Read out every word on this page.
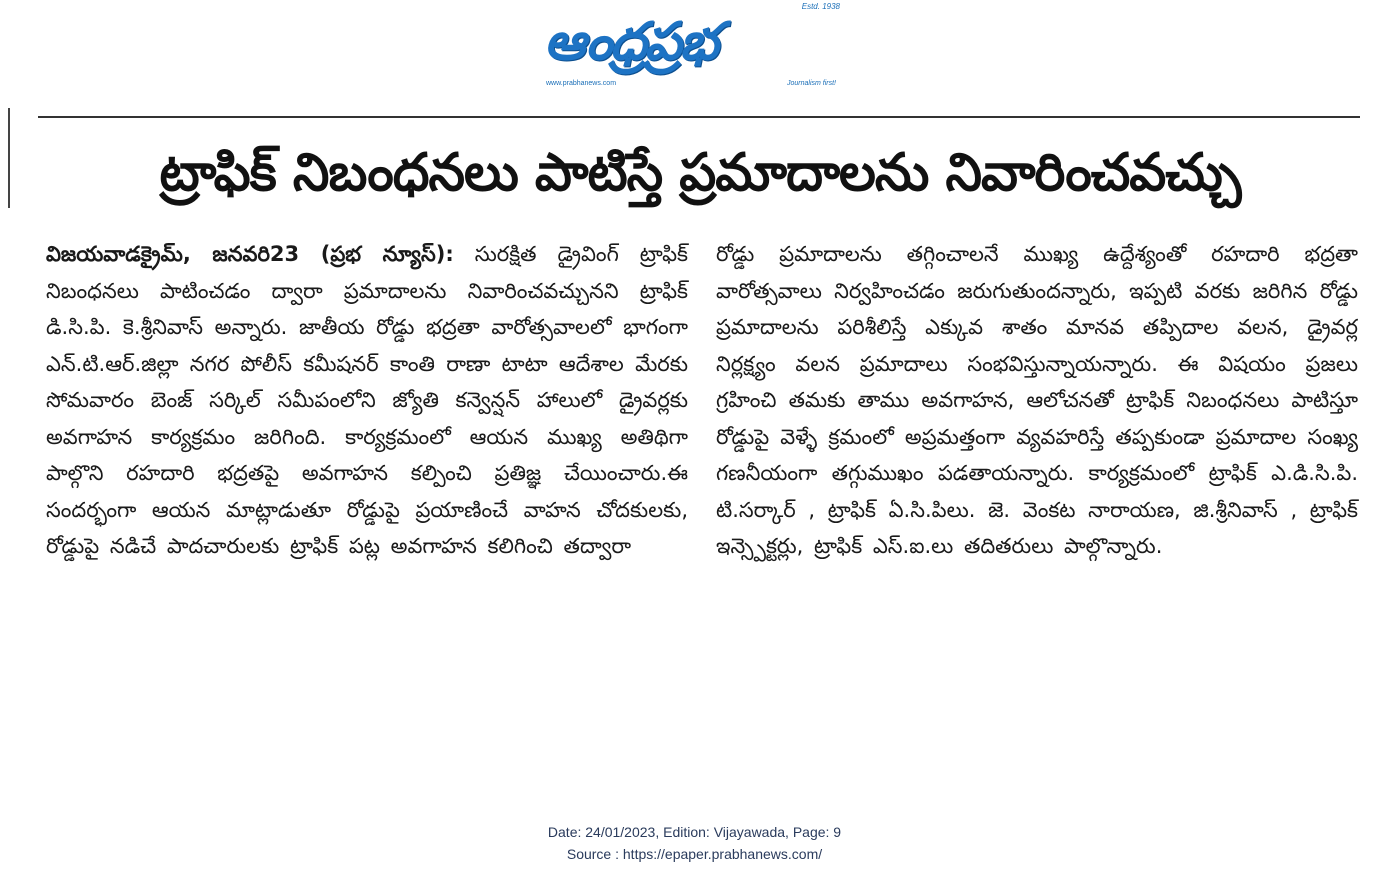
Estd. 1938
ఆంధ్రప్రభ
www.prabhanews.com	Journalism first!
ట్రాఫిక్ నిబంధనలు పాటిస్తే ప్రమాదాలను నివారించవచ్చు
విజయవాడక్రైమ్, జనవరి23 (ప్రభ న్యూస్): సురక్షిత డ్రైవింగ్ ట్రాఫిక్ నిబంధనలు పాటించడం ద్వారా ప్రమాదాలను నివారించవచ్చునని ట్రాఫిక్ డి.సి.పి. కె.శ్రీనివాస్ అన్నారు. జాతీయ రోడ్డు భద్రతా వారోత్సవాలలో భాగంగా ఎన్.టి.ఆర్.జిల్లా నగర పోలీస్ కమీషనర్ కాంతి రాణా టాటా ఆదేశాల మేరకు సోమవారం బెంజ్ సర్కిల్ సమీపంలోని జ్యోతి కన్వెన్షన్ హాలులో డ్రైవర్లకు అవగాహన కార్యక్రమం జరిగింది. కార్యక్రమంలో ఆయన ముఖ్య అతిథిగా పాల్గొని రహదారి భద్రతపై అవగాహన కల్పించి ప్రతిజ్ఞ చేయించారు.ఈ సందర్భంగా ఆయన మాట్లాడుతూ రోడ్డుపై ప్రయాణించే వాహన చోదకులకు, రోడ్డుపై నడిచే పాదచారులకు ట్రాఫిక్ పట్ల అవగాహన కలిగించి తద్వారా
రోడ్డు ప్రమాదాలను తగ్గించాలనే ముఖ్య ఉద్దేశ్యంతో రహదారి భద్రతా వారోత్సవాలు నిర్వహించడం జరుగుతుందన్నారు, ఇప్పటి వరకు జరిగిన రోడ్డు ప్రమాదాలను పరిశీలిస్తే ఎక్కువ శాతం మానవ తప్పిదాల వలన, డ్రైవర్ల నిర్లక్ష్యం వలన ప్రమాదాలు సంభవిస్తున్నాయన్నారు. ఈ విషయం ప్రజలు గ్రహించి తమకు తాము అవగాహన, ఆలోచనతో ట్రాఫిక్ నిబంధనలు పాటిస్తూ రోడ్డుపై వెళ్ళే క్రమంలో అప్రమత్తంగా వ్యవహరిస్తే తప్పకుండా ప్రమాదాల సంఖ్య గణనీయంగా తగ్గుముఖం పడతాయన్నారు. కార్యక్రమంలో ట్రాఫిక్ ఎ.డి.సి.పి. టి.సర్కార్ , ట్రాఫిక్ ఏ.సి.పిలు. జె. వెంకట నారాయణ, జి.శ్రీనివాస్ , ట్రాఫిక్ ఇన్స్పెక్టర్లు, ట్రాఫిక్ ఎస్.ఐ.లు తదితరులు పాల్గొన్నారు.
Date: 24/01/2023, Edition: Vijayawada, Page: 9
Source : https://epaper.prabhanews.com/
